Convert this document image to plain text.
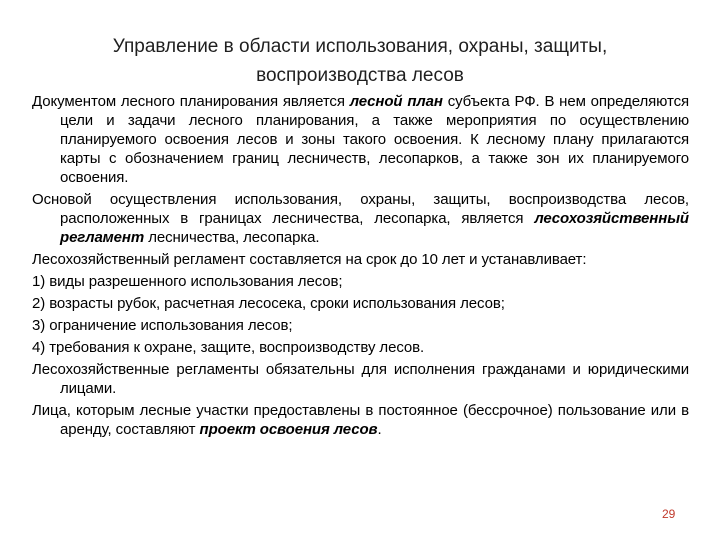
Управление в области использования, охраны, защиты,
воспроизводства лесов

Документом лесного планирования является лесной план субъекта РФ. В нем определяются цели и задачи лесного планирования, а также мероприятия по осуществлению планируемого освоения лесов и зоны такого освоения. К лесному плану прилагаются карты с обозначением границ лесничеств, лесопарков, а также зон их планируемого освоения.

Основой осуществления использования, охраны, защиты, воспроизводства лесов, расположенных в границах лесничества, лесопарка, является лесохозяйственный регламент лесничества, лесопарка.

Лесохозяйственный регламент составляется на срок до 10 лет и устанавливает:

1) виды разрешенного использования лесов;

2) возрасты рубок, расчетная лесосека, сроки использования лесов;

3) ограничение использования лесов;

4) требования к охране, защите, воспроизводству лесов.

Лесохозяйственные регламенты обязательны для исполнения гражданами и юридическими лицами.

Лица, которым лесные участки предоставлены в постоянное (бессрочное) пользование или в аренду, составляют проект освоения лесов.

29
